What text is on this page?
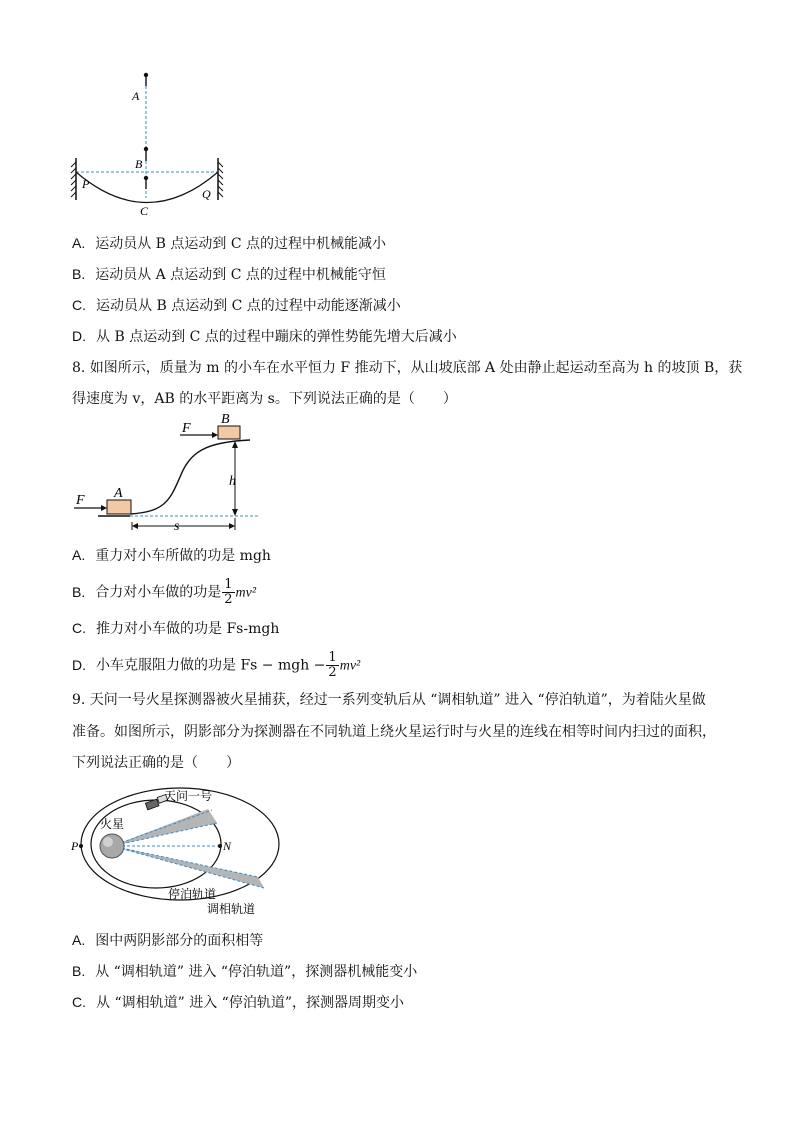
A
B
C
P
Q
A. 运动员从 B 点运动到 C 点的过程中机械能减小
B. 运动员从 A 点运动到 C 点的过程中机械能守恒
C. 运动员从 B 点运动到 C 点的过程中动能逐渐减小
D. 从 B 点运动到 C 点的过程中蹦床的弹性势能先增大后减小
8. 如图所示，质量为 m 的小车在水平恒力 F 推动下，从山坡底部 A 处由静止起运动至高为 h 的坡顶 B，获
得速度为 v，AB 的水平距离为 s。下列说法正确的是（　　）
F A
F
B
h
s
A. 重力对小车所做的功是 mgh
B. 合力对小车做的功是 $\frac{1}{2} mv^2$
C. 推力对小车做的功是 Fs-mgh
D. 小车克服阻力做的功是 Fs − mgh − $\frac{1}{2} mv^2$
9. 天问一号火星探测器被火星捕获，经过一系列变轨后从 “调相轨道” 进入 “停泊轨道”，为着陆火星做
准备。如图所示，阴影部分为探测器在不同轨道上绕火星运行时与火星的连线在相等时间内扫过的面积，
下列说法正确的是（　　）
天问一号
火星
P	N
停泊轨道
调相轨道
A. 图中两阴影部分的面积相等
B. 从 “调相轨道” 进入 “停泊轨道”，探测器机械能变小
C. 从 “调相轨道” 进入 “停泊轨道”，探测器周期变小
